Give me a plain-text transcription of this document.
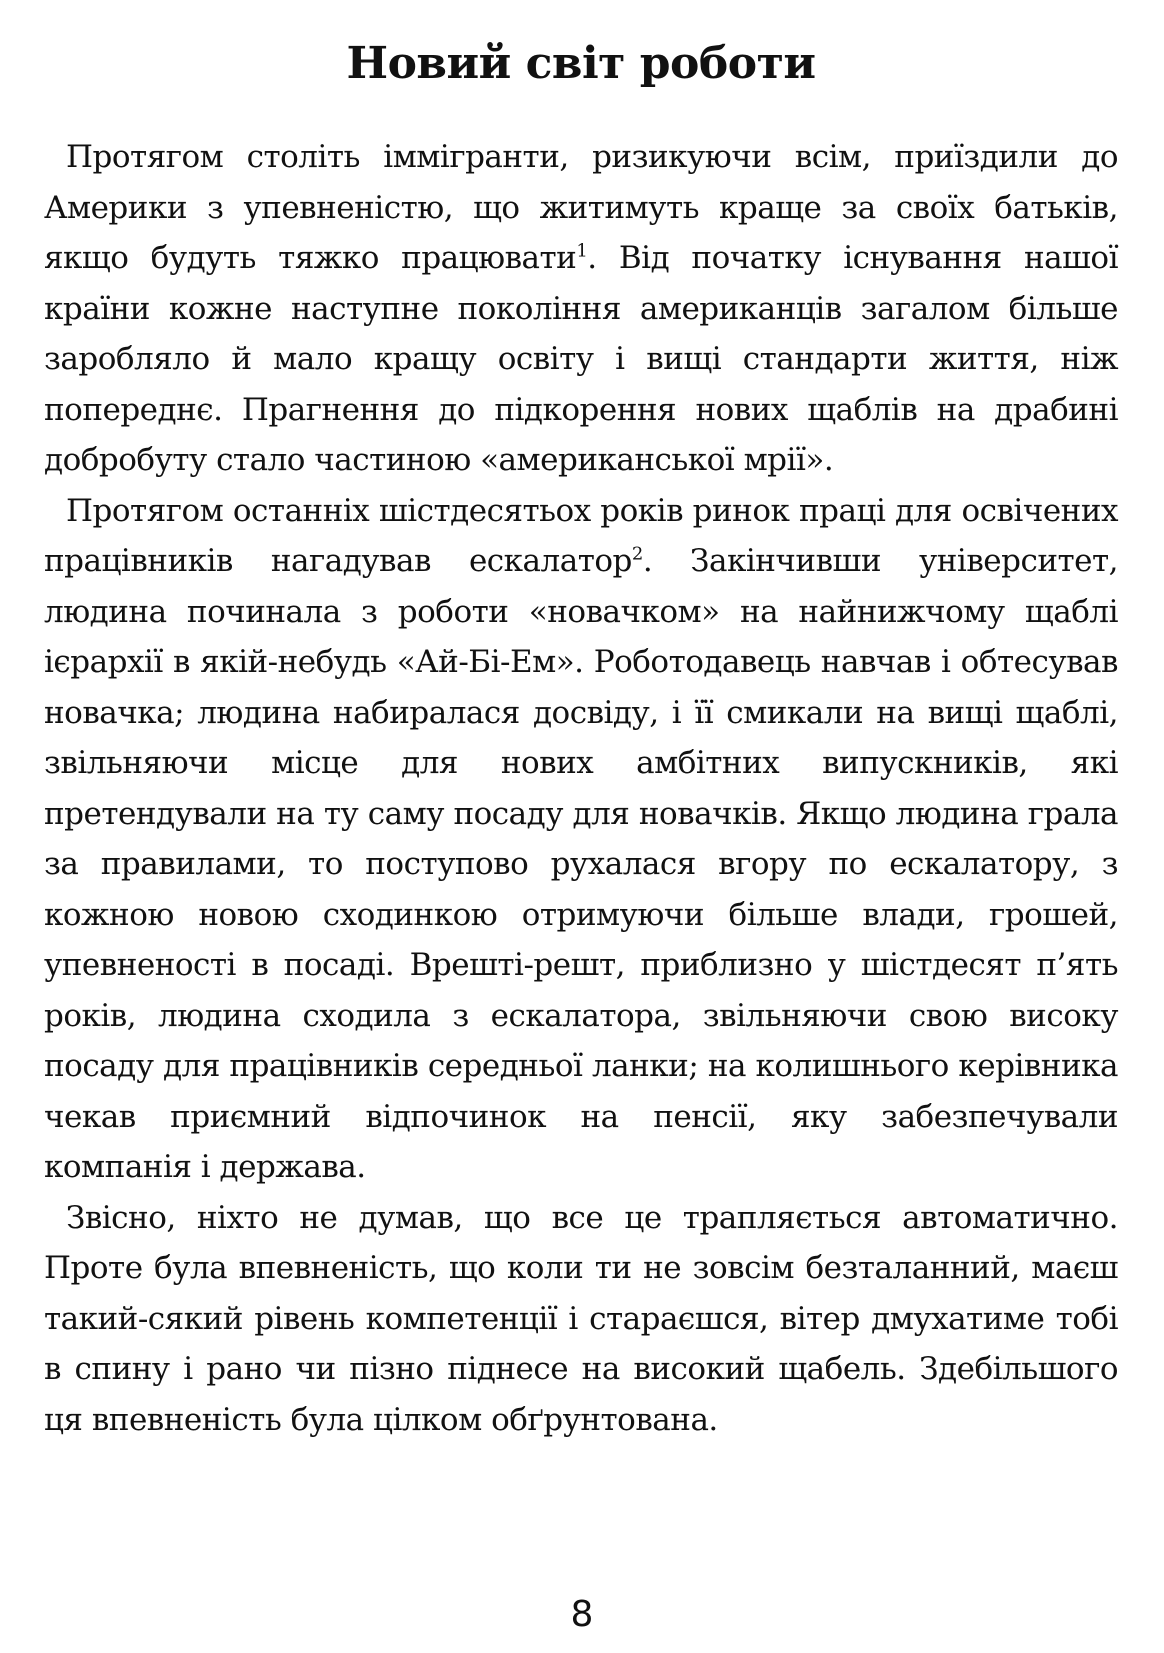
Новий світ роботи

Протягом століть іммігранти, ризикуючи всім, приїздили до Америки з упевненістю, що житимуть краще за своїх батьків, якщо будуть тяжко працювати$^1$. Від початку існування нашої країни кожне наступне покоління американців загалом більше заробляло й мало кращу освіту і вищі стандарти життя, ніж попереднє. Прагнення до підкорення нових щаблів на драбині добробуту стало частиною «американської мрії».

Протягом останніх шістдесятьох років ринок праці для освічених працівників нагадував ескалатор$^2$. Закінчивши університет, людина починала з роботи «новачком» на найнижчому щаблі ієрархії в якій-небудь «Ай-Бі-Ем». Роботодавець навчав і обтесував новачка; людина набиралася досвіду, і її смикали на вищі щаблі, звільняючи місце для нових амбітних випускників, які претендували на ту саму посаду для новачків. Якщо людина грала за правилами, то поступово рухалася вгору по ескалатору, з кожною новою сходинкою отримуючи більше влади, грошей, упевненості в посаді. Врешті-решт, приблизно у шістдесят п’ять років, людина сходила з ескалатора, звільняючи свою високу посаду для працівників середньої ланки; на колишнього керівника чекав приємний відпочинок на пенсії, яку забезпечували компанія і держава.

Звісно, ніхто не думав, що все це трапляється автоматично. Проте була впевненість, що коли ти не зовсім безталанний, маєш такий-сякий рівень компетенції і стараєшся, вітер дмухатиме тобі в спину і рано чи пізно піднесе на високий щабель. Здебільшого ця впевненість була цілком обґрунтована.

8
